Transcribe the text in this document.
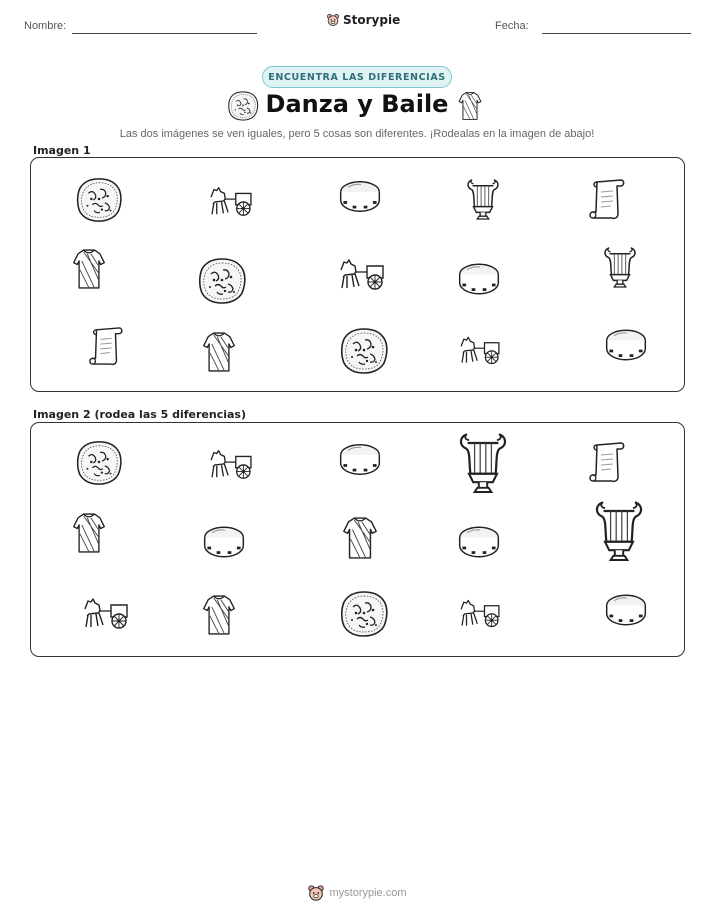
Nombre:	Storypie	Fecha:
ENCUENTRA LAS DIFERENCIAS
Danza y Baile
Las dos imágenes se ven iguales, pero 5 cosas son diferentes. ¡Rodealas en la imagen de abajo!
Imagen 1
Imagen 2 (rodea las 5 diferencias)
mystorypie.com
